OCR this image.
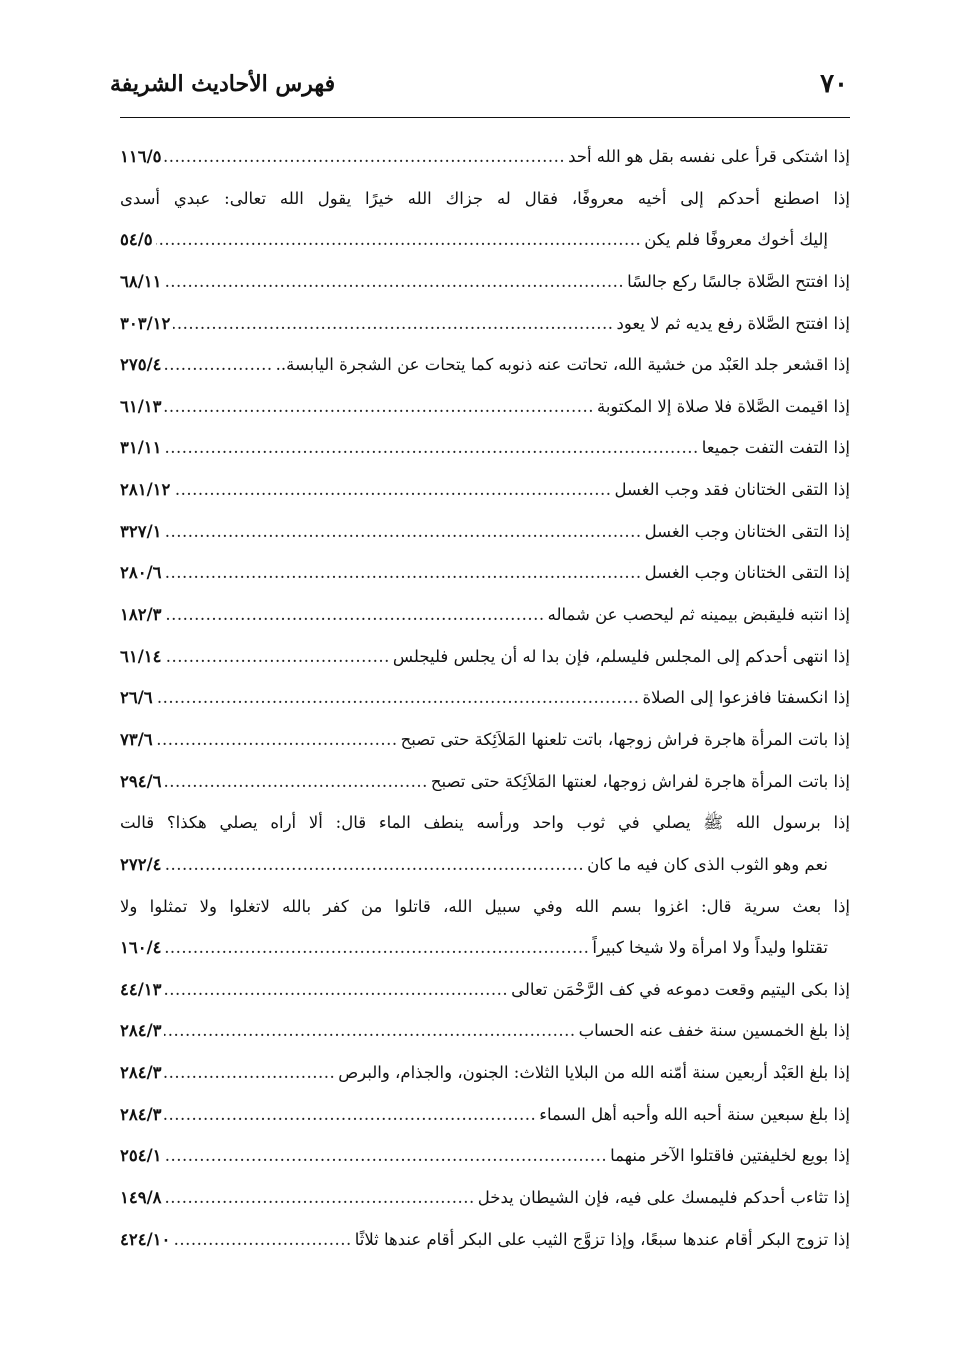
٧٠
فهرس الأحاديث الشريفة
إذا اشتكى قرأ على نفسه بقل هو الله أحد
.....
١١٦/٥
إذا اصطنع أحدكم إلى أخيه معروفًا، فقال له جزاك الله خيرًا يقول الله تعالى: عبدي أسدى
إليك أخوك معروفًا فلم يكن
.....
٥٤/٥
إذا افتتح الصَّلاة جالسًا ركع جالسًا
.....
٦٨/١١
إذا افتتح الصَّلاة رفع يديه ثم لا يعود
.....
٣٠٣/١٢
إذا اقشعر جلد العَبْد من خشية الله، تحاتت عنه ذنوبه كما يتحات عن الشجرة اليابسة..
.....
٢٧٥/٤
إذا اقيمت الصَّلاة فلا صلاة إلا المكتوبة
.....
٦١/١٣
إذا التفت التفت جميعا
.....
٣١/١١
إذا التقى الختانان فقد وجب الغسل
.....
٢٨١/١٢
إذا التقى الختانان وجب الغسل
.....
٣٢٧/١
إذا التقى الختانان وجب الغسل
.....
٢٨٠/٦
إذا انتبه فليقبض بيمينه ثم ليحصب عن شماله
.....
١٨٢/٣
إذا انتهى أحدكم إلى المجلس فليسلم، فإن بدا له أن يجلس فليجلس
.....
٦١/١٤
إذا انكسفتا فافزعوا إلى الصلاة
.....
٢٦/٦
إذا باتت المرأة هاجرة فراش زوجها، باتت تلعنها المَلاَئِكة حتى تصبح
.....
٧٣/٦
إذا باتت المرأة هاجرة لفراش زوجها، لعنتها المَلاَئِكة حتى تصبح
.....
٢٩٤/٦
إذا برسول الله ﷺ يصلي في ثوب واحد ورأسه ينطف الماء قال: ألا أراه يصلي هكذا؟ قالت
نعم وهو الثوب الذى كان فيه ما كان
.....
٢٧٢/٤
إذا بعث سرية قال: اغزوا بسم الله وفي سبيل الله، قاتلوا من كفر بالله لاتغلوا ولا تمثلوا ولا
تقتلوا وليداً ولا امرأة ولا شيخا كبيراً
.....
١٦٠/٤
إذا بكى اليتيم وقعت دموعه في كف الرَّحْمَن تعالى
.....
٤٤/١٣
إذا بلغ الخمسين سنة خفف عنه الحساب
.....
٢٨٤/٣
إذا بلغ العَبْد أربعين سنة أمّنه الله من البلايا الثلاث: الجنون، والجذام، والبرص
.....
٢٨٤/٣
إذا بلغ سبعين سنة أحبه الله وأحبه أهل السماء
.....
٢٨٤/٣
إذا بويع لخليفتين فاقتلوا الآخر منهما
.....
٢٥٤/١
إذا تثاءب أحدكم فليمسك على فيه، فإن الشيطان يدخل
.....
١٤٩/٨
إذا تزوج البكر أقام عندها سبعًا، وإذا تزوَّج الثيب على البكر أقام عندها ثلاثًا
.....
٤٢٤/١٠
